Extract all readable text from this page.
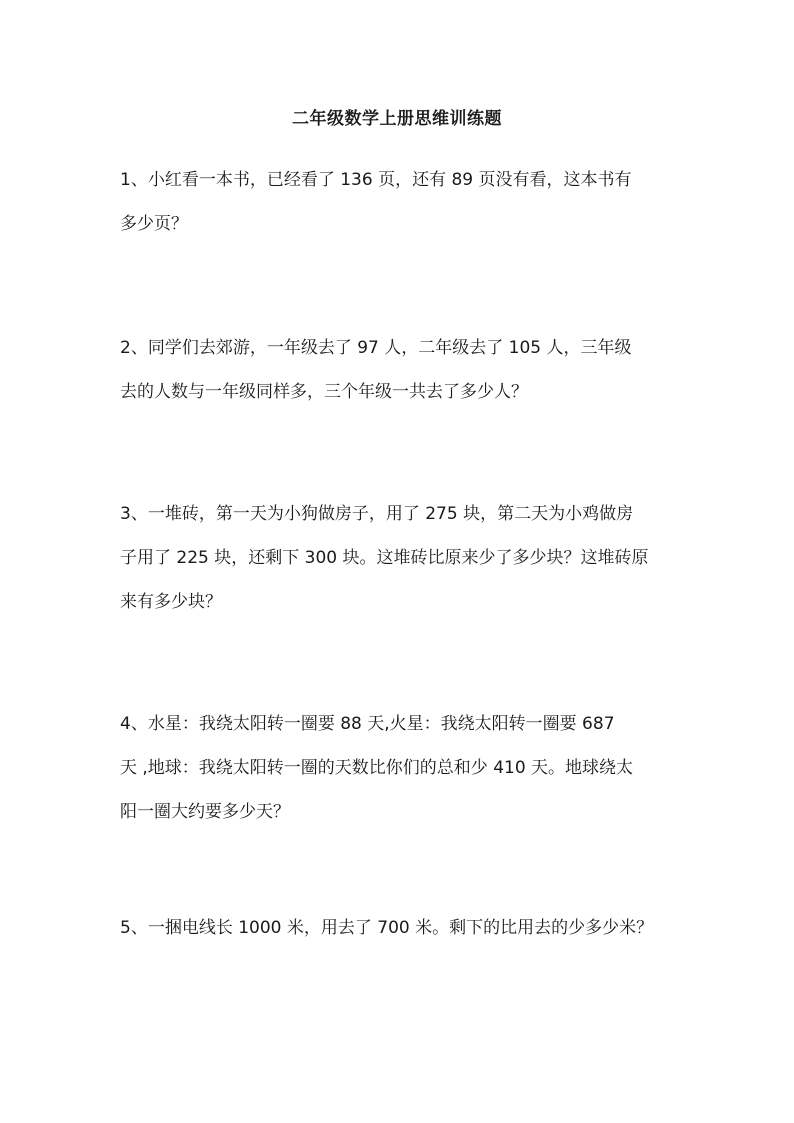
二年级数学上册思维训练题
1、小红看一本书，已经看了 136 页，还有 89 页没有看，这本书有
多少页？
2、同学们去郊游，一年级去了 97 人，二年级去了 105 人，三年级
去的人数与一年级同样多，三个年级一共去了多少人？
3、一堆砖，第一天为小狗做房子，用了 275 块，第二天为小鸡做房
子用了 225 块，还剩下 300 块。这堆砖比原来少了多少块？这堆砖原
来有多少块？
4、水星：我绕太阳转一圈要 88 天,火星：我绕太阳转一圈要 687
天 ,地球：我绕太阳转一圈的天数比你们的总和少 410 天。地球绕太
阳一圈大约要多少天？
5、一捆电线长 1000 米，用去了 700 米。剩下的比用去的少多少米？
